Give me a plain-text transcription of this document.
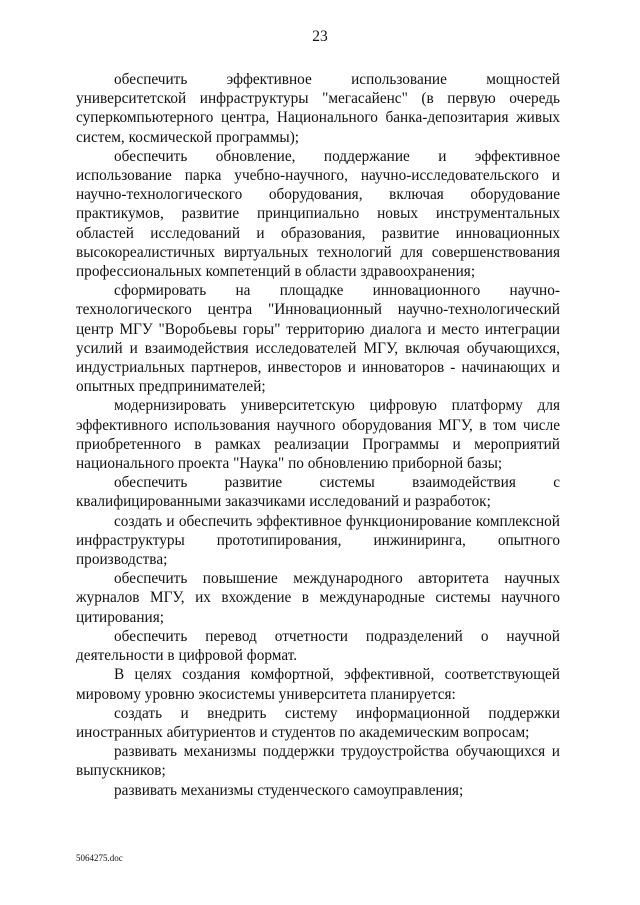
23

обеспечить эффективное использование мощностей университетской инфраструктуры "мегасайенс" (в первую очередь суперкомпьютерного центра, Национального банка-депозитария живых систем, космической программы);

обеспечить обновление, поддержание и эффективное использование парка учебно-научного, научно-исследовательского и научно-технологического оборудования, включая оборудование практикумов, развитие принципиально новых инструментальных областей исследований и образования, развитие инновационных высокореалистичных виртуальных технологий для совершенствования профессиональных компетенций в области здравоохранения;

сформировать на площадке инновационного научно-технологического центра "Инновационный научно-технологический центр МГУ "Воробьевы горы" территорию диалога и место интеграции усилий и взаимодействия исследователей МГУ, включая обучающихся, индустриальных партнеров, инвесторов и инноваторов - начинающих и опытных предпринимателей;

модернизировать университетскую цифровую платформу для эффективного использования научного оборудования МГУ, в том числе приобретенного в рамках реализации Программы и мероприятий национального проекта "Наука" по обновлению приборной базы;

обеспечить развитие системы взаимодействия с квалифицированными заказчиками исследований и разработок;

создать и обеспечить эффективное функционирование комплексной инфраструктуры прототипирования, инжиниринга, опытного производства;

обеспечить повышение международного авторитета научных журналов МГУ, их вхождение в международные системы научного цитирования;

обеспечить перевод отчетности подразделений о научной деятельности в цифровой формат.

В целях создания комфортной, эффективной, соответствующей мировому уровню экосистемы университета планируется:

создать и внедрить систему информационной поддержки иностранных абитуриентов и студентов по академическим вопросам;

развивать механизмы поддержки трудоустройства обучающихся и выпускников;

развивать механизмы студенческого самоуправления;

5064275.doc
